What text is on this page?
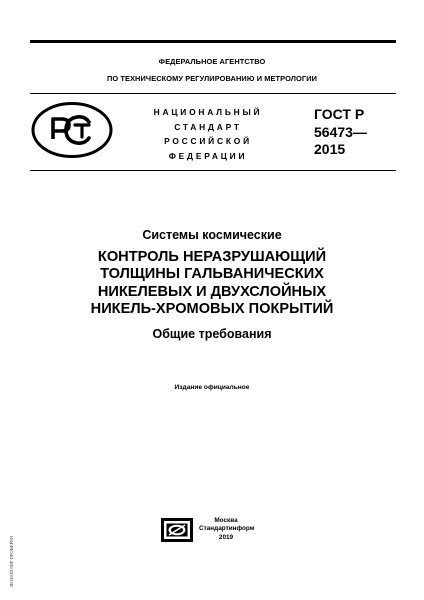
ФЕДЕРАЛЬНОЕ АГЕНТСТВО
ПО ТЕХНИЧЕСКОМУ РЕГУЛИРОВАНИЮ И МЕТРОЛОГИИ
НАЦИОНАЛЬНЫЙ
СТАНДАРТ
РОССИЙСКОЙ
ФЕДЕРАЦИИ
ГОСТ Р
56473—
2015
Системы космические
КОНТРОЛЬ НЕРАЗРУШАЮЩИЙ
ТОЛЩИНЫ ГАЛЬВАНИЧЕСКИХ
НИКЕЛЕВЫХ И ДВУХСЛОЙНЫХ
НИКЕЛЬ-ХРОМОВЫХ ПОКРЫТИЙ
Общие требования
Издание официальное
Москва
Стандартинформ
2019
ЭКЗЕМПЛЯР ПРОВЕРЕН
